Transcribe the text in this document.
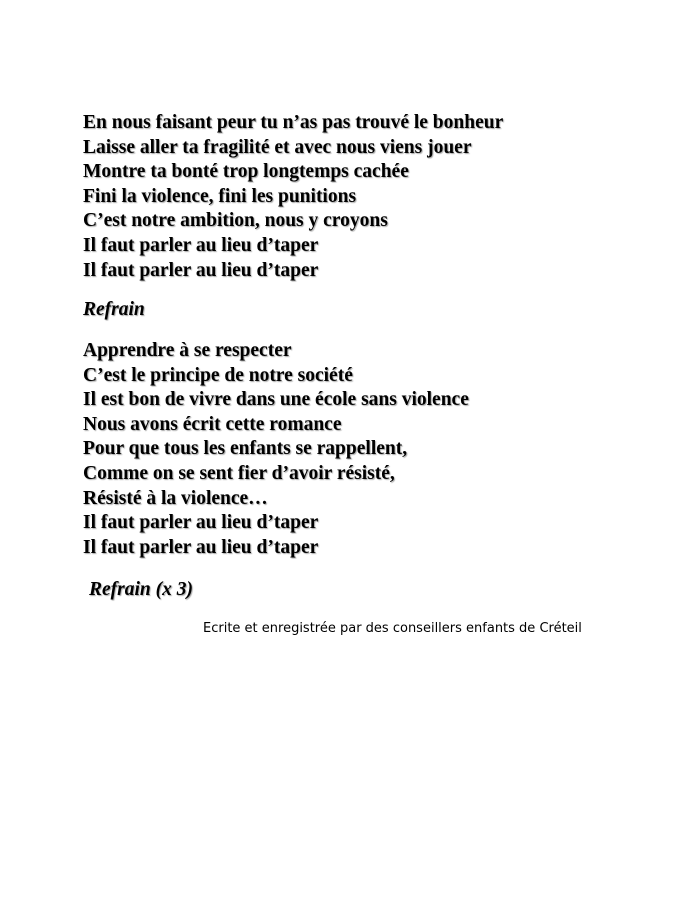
En nous faisant peur tu n’as pas trouvé le bonheur
Laisse aller ta fragilité et avec nous viens jouer
Montre ta bonté trop longtemps cachée
Fini la violence, fini les punitions
C’est notre ambition, nous y croyons
Il faut parler au lieu d’taper
Il faut parler au lieu d’taper
Refrain
Apprendre à se respecter
C’est le principe de notre société
Il est bon de vivre dans une école sans violence
Nous avons écrit cette romance
Pour que tous les enfants se rappellent,
Comme on se sent fier d’avoir résisté,
Résisté à la violence…
Il faut parler au lieu d’taper
Il faut parler au lieu d’taper
Refrain (x 3)
Ecrite et enregistrée par des conseillers enfants de Créteil
